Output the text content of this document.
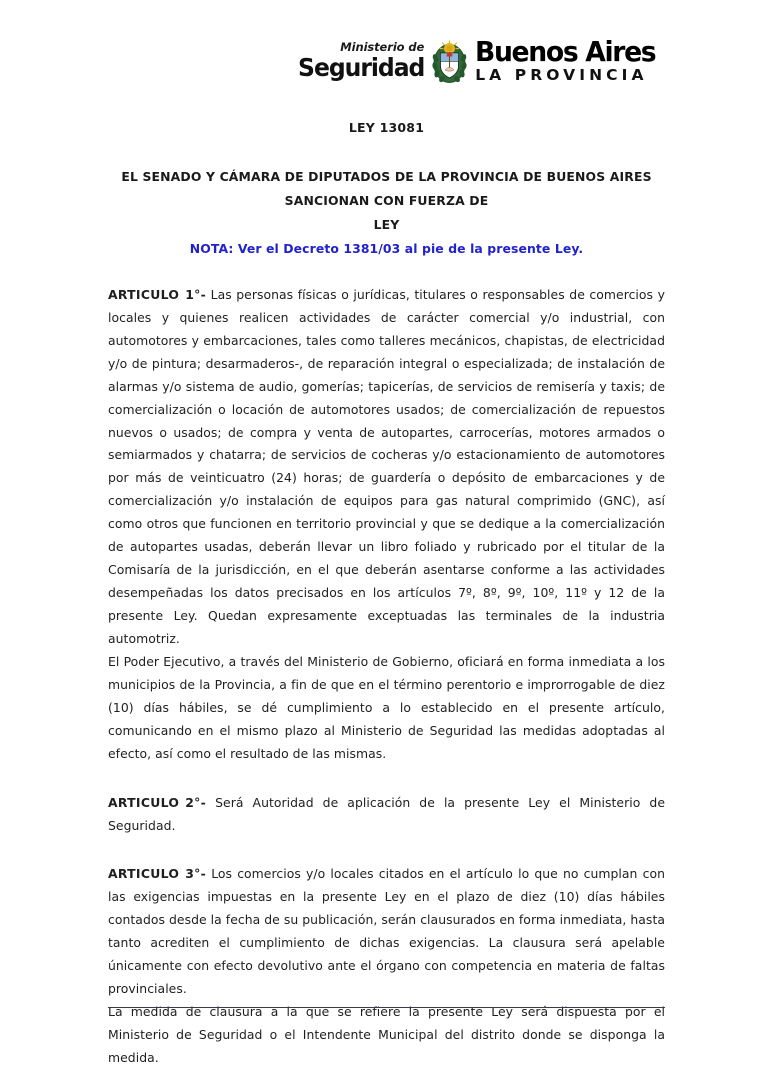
Ministerio de
Seguridad Buenos Aires
LA PROVINCIA
LEY 13081
EL SENADO Y CÁMARA DE DIPUTADOS DE LA PROVINCIA DE BUENOS AIRES
SANCIONAN CON FUERZA DE
LEY
NOTA: Ver el Decreto 1381/03 al pie de la presente Ley.

ARTICULO 1°- Las personas físicas o jurídicas, titulares o responsables de comercios y locales y quienes realicen actividades de carácter comercial y/o industrial, con automotores y embarcaciones, tales como talleres mecánicos, chapistas, de electricidad y/o de pintura; desarmaderos-, de reparación integral o especializada; de instalación de alarmas y/o sistema de audio, gomerías; tapicerías, de servicios de remisería y taxis; de comercialización o locación de automotores usados; de comercialización de repuestos nuevos o usados; de compra y venta de autopartes, carrocerías, motores armados o semiarmados y chatarra; de servicios de cocheras y/o estacionamiento de automotores por más de veinticuatro (24) horas; de guardería o depósito de embarcaciones y de comercialización y/o instalación de equipos para gas natural comprimido (GNC), así como otros que funcionen en territorio provincial y que se dedique a la comercialización de autopartes usadas, deberán llevar un libro foliado y rubricado por el titular de la Comisaría de la jurisdicción, en el que deberán asentarse conforme a las actividades desempeñadas los datos precisados en los artículos 7º, 8º, 9º, 10º, 11º y 12 de la presente Ley. Quedan expresamente exceptuadas las terminales de la industria automotriz.

El Poder Ejecutivo, a través del Ministerio de Gobierno, oficiará en forma inmediata a los municipios de la Provincia, a fin de que en el término perentorio e improrrogable de diez (10) días hábiles, se dé cumplimiento a lo establecido en el presente artículo, comunicando en el mismo plazo al Ministerio de Seguridad las medidas adoptadas al efecto, así como el resultado de las mismas.

ARTICULO 2°- Será Autoridad de aplicación de la presente Ley el Ministerio de Seguridad.

ARTICULO 3°- Los comercios y/o locales citados en el artículo lo que no cumplan con las exigencias impuestas en la presente Ley en el plazo de diez (10) días hábiles contados desde la fecha de su publicación, serán clausurados en forma inmediata, hasta tanto acrediten el cumplimiento de dichas exigencias. La clausura será apelable únicamente con efecto devolutivo ante el órgano con competencia en materia de faltas provinciales.

La medida de clausura a la que se refiere la presente Ley será dispuesta por el Ministerio de Seguridad o el Intendente Municipal del distrito donde se disponga la medida.
